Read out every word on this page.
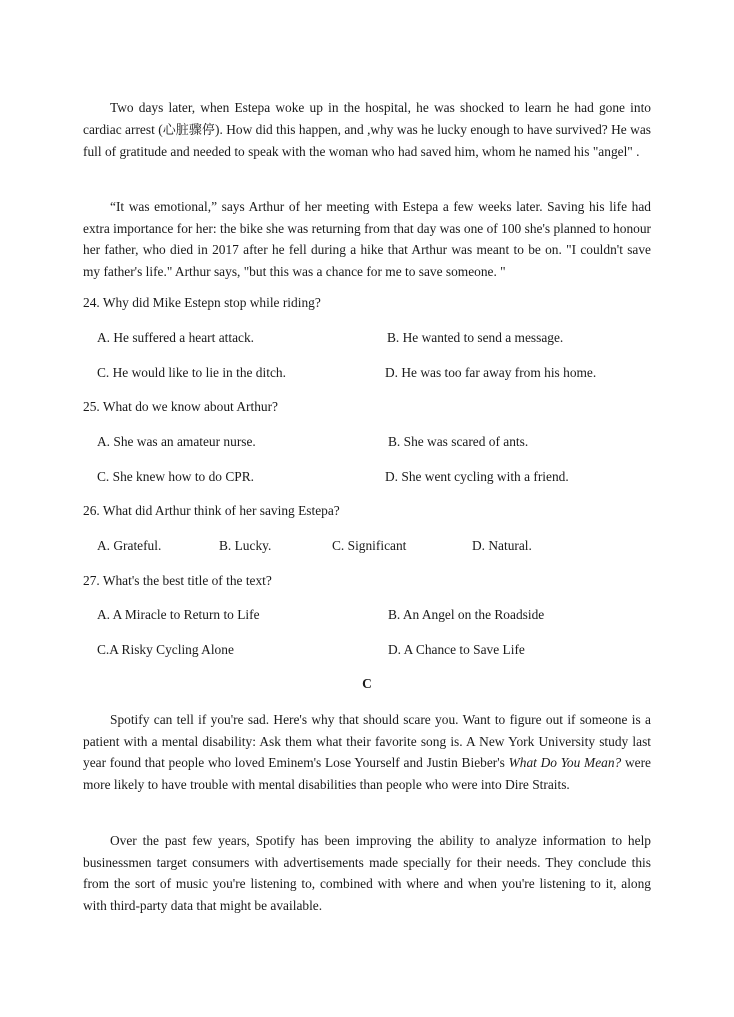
Two days later, when Estepa woke up in the hospital, he was shocked to learn he had gone into cardiac arrest (心脏骤停). How did this happen, and ,why was he lucky enough to have survived? He was full of gratitude and needed to speak with the woman who had saved him, whom he named his "angel" .

“It was emotional,” says Arthur of her meeting with Estepa a few weeks later. Saving his life had extra importance for her: the bike she was returning from that day was one of 100 she's planned to honour her father, who died in 2017 after he fell during a hike that Arthur was meant to be on. "I couldn't save my father's life." Arthur says, "but this was a chance for me to save someone. "

24. Why did Mike Estepn stop while riding?

A. He suffered a heart attack.	B. He wanted to send a message.

C. He would like to lie in the ditch.	D. He was too far away from his home.

25. What do we know about Arthur?

A. She was an amateur nurse.	B. She was scared of ants.

C. She knew how to do CPR.	D. She went cycling with a friend.

26. What did Arthur think of her saving Estepa?

A. Grateful.	B. Lucky.	C. Significant	D. Natural.

27. What's the best title of the text?

A. A Miracle to Return to Life	B. An Angel on the Roadside

C.A Risky Cycling Alone	D. A Chance to Save Life

C

Spotify can tell if you're sad. Here's why that should scare you. Want to figure out if someone is a patient with a mental disability: Ask them what their favorite song is. A New York University study last year found that people who loved Eminem's Lose Yourself and Justin Bieber's What Do You Mean? were more likely to have trouble with mental disabilities than people who were into Dire Straits.

Over the past few years, Spotify has been improving the ability to analyze information to help businessmen target consumers with advertisements made specially for their needs. They conclude this from the sort of music you're listening to, combined with where and when you're listening to it, along with third-party data that might be available.
